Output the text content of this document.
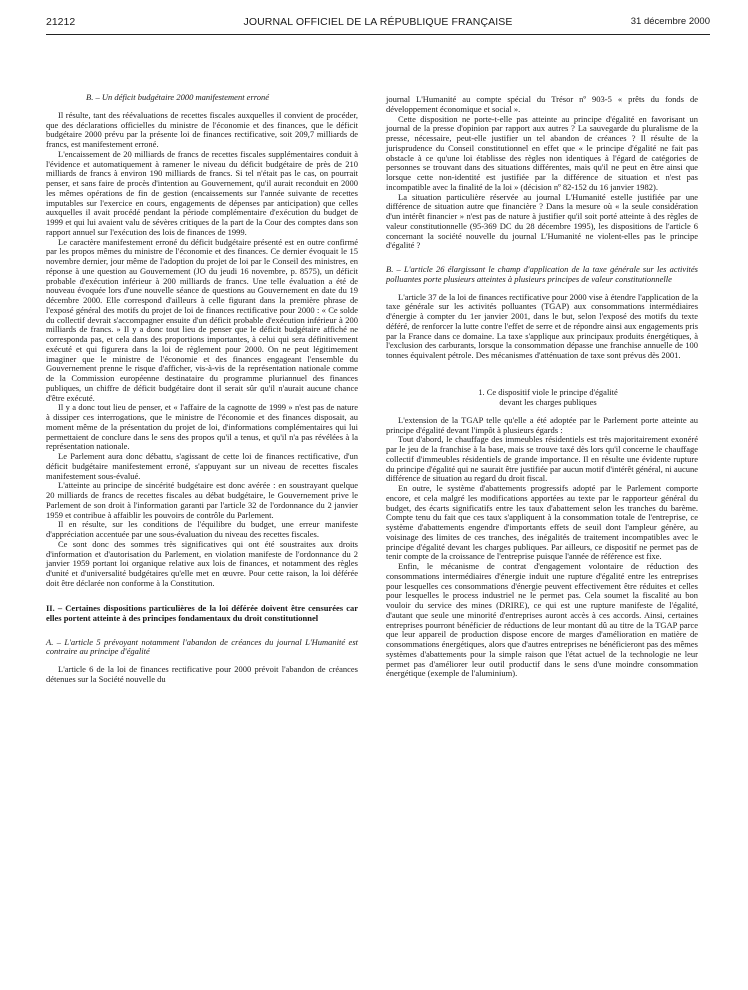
21212	JOURNAL OFFICIEL DE LA RÉPUBLIQUE FRANÇAISE	31 décembre 2000

B. – Un déficit budgétaire 2000 manifestement erroné

Il résulte, tant des réévaluations de recettes fiscales auxquelles il convient de procéder, que des déclarations officielles du ministre de l'économie et des finances, que le déficit budgétaire 2000 prévu par la présente loi de finances rectificative, soit 209,7 milliards de francs, est manifestement erroné.

L'encaissement de 20 milliards de francs de recettes fiscales supplémentaires conduit à l'évidence et automatiquement à ramener le niveau du déficit budgétaire de près de 210 milliards de francs à environ 190 milliards de francs. Si tel n'était pas le cas, on pourrait penser, et sans faire de procès d'intention au Gouvernement, qu'il aurait reconduit en 2000 les mêmes opérations de fin de gestion (encaissements sur l'année suivante de recettes imputables sur l'exercice en cours, engagements de dépenses par anticipation) que celles auxquelles il avait procédé pendant la période complémentaire d'exécution du budget de 1999 et qui lui avaient valu de sévères critiques de la part de la Cour des comptes dans son rapport annuel sur l'exécution des lois de finances de 1999.

Le caractère manifestement erroné du déficit budgétaire présenté est en outre confirmé par les propos mêmes du ministre de l'économie et des finances. Ce dernier évoquait le 15 novembre dernier, jour même de l'adoption du projet de loi par le Conseil des ministres, en réponse à une question au Gouvernement (JO du jeudi 16 novembre, p. 8575), un déficit probable d'exécution inférieur à 200 milliards de francs. Une telle évaluation a été de nouveau évoquée lors d'une nouvelle séance de questions au Gouvernement en date du 19 décembre 2000. Elle correspond d'ailleurs à celle figurant dans la première phrase de l'exposé général des motifs du projet de loi de finances rectificative pour 2000 : « Ce solde du collectif devrait s'accompagner ensuite d'un déficit probable d'exécution inférieur à 200 milliards de francs. » Il y a donc tout lieu de penser que le déficit budgétaire affiché ne corresponda pas, et cela dans des proportions importantes, à celui qui sera définitivement exécuté et qui figurera dans la loi de règlement pour 2000. On ne peut légitimement imaginer que le ministre de l'économie et des finances engageant l'ensemble du Gouvernement prenne le risque d'afficher, vis-à-vis de la représentation nationale comme de la Commission européenne destinataire du programme pluriannuel des finances publiques, un chiffre de déficit budgétaire dont il serait sûr qu'il n'aurait aucune chance d'être exécuté.

Il y a donc tout lieu de penser, et « l'affaire de la cagnotte de 1999 » n'est pas de nature à dissiper ces interrogations, que le ministre de l'économie et des finances disposait, au moment même de la présentation du projet de loi, d'informations complémentaires qui lui permettaient de conclure dans le sens des propos qu'il a tenus, et qu'il n'a pas révélées à la représentation nationale.

Le Parlement aura donc débattu, s'agissant de cette loi de finances rectificative, d'un déficit budgétaire manifestement erroné, s'appuyant sur un niveau de recettes fiscales manifestement sous-évalué.

L'atteinte au principe de sincérité budgétaire est donc avérée : en soustrayant quelque 20 milliards de francs de recettes fiscales au débat budgétaire, le Gouvernement prive le Parlement de son droit à l'information garanti par l'article 32 de l'ordonnance du 2 janvier 1959 et contribue à affaiblir les pouvoirs de contrôle du Parlement.

Il en résulte, sur les conditions de l'équilibre du budget, une erreur manifeste d'appréciation accentuée par une sous-évaluation du niveau des recettes fiscales.

Ce sont donc des sommes très significatives qui ont été soustraites aux droits d'information et d'autorisation du Parlement, en violation manifeste de l'ordonnance du 2 janvier 1959 portant loi organique relative aux lois de finances, et notamment des règles d'unité et d'universalité budgétaires qu'elle met en œuvre. Pour cette raison, la loi déférée doit être déclarée non conforme à la Constitution.

II. – Certaines dispositions particulières de la loi déférée doivent être censurées car elles portent atteinte à des principes fondamentaux du droit constitutionnel

A. – L'article 5 prévoyant notamment l'abandon de créances du journal L'Humanité est contraire au principe d'égalité

L'article 6 de la loi de finances rectificative pour 2000 prévoit l'abandon de créances détenues sur la Société nouvelle du

journal L'Humanité au compte spécial du Trésor nº 903-5 « prêts du fonds de développement économique et social ».

Cette disposition ne porte-t-elle pas atteinte au principe d'égalité en favorisant un journal de la presse d'opinion par rapport aux autres ? La sauvegarde du pluralisme de la presse, nécessaire, peut-elle justifier un tel abandon de créances ? Il résulte de la jurisprudence du Conseil constitutionnel en effet que « le principe d'égalité ne fait pas obstacle à ce qu'une loi établisse des règles non identiques à l'égard de catégories de personnes se trouvant dans des situations différentes, mais qu'il ne peut en être ainsi que lorsque cette non-identité est justifiée par la différence de situation et n'est pas incompatible avec la finalité de la loi » (décision nº 82-152 du 16 janvier 1982).

La situation particulière réservée au journal L'Humanité estelle justifiée par une différence de situation autre que financière ? Dans la mesure où « la seule considération d'un intérêt financier » n'est pas de nature à justifier qu'il soit porté atteinte à des règles de valeur constitutionnelle (95-369 DC du 28 décembre 1995), les dispositions de l'article 6 concernant la société nouvelle du journal L'Humanité ne violent-elles pas le principe d'égalité ?

B. – L'article 26 élargissant le champ d'application de la taxe générale sur les activités polluantes porte plusieurs atteintes à plusieurs principes de valeur constitutionnelle

L'article 37 de la loi de finances rectificative pour 2000 vise à étendre l'application de la taxe générale sur les activités polluantes (TGAP) aux consommations intermédiaires d'énergie à compter du 1er janvier 2001, dans le but, selon l'exposé des motifs du texte déféré, de renforcer la lutte contre l'effet de serre et de répondre ainsi aux engagements pris par la France dans ce domaine. La taxe s'applique aux principaux produits énergétiques, à l'exclusion des carburants, lorsque la consommation dépasse une franchise annuelle de 100 tonnes équivalent pétrole. Des mécanismes d'atténuation de taxe sont prévus dès 2001.

1. Ce dispositif viole le principe d'égalité

devant les charges publiques

L'extension de la TGAP telle qu'elle a été adoptée par le Parlement porte atteinte au principe d'égalité devant l'impôt à plusieurs égards :

Tout d'abord, le chauffage des immeubles résidentiels est très majoritairement exonéré par le jeu de la franchise à la base, mais se trouve taxé dès lors qu'il concerne le chauffage collectif d'immeubles résidentiels de grande importance. Il en résulte une évidente rupture du principe d'égalité qui ne saurait être justifiée par aucun motif d'intérêt général, ni aucune différence de situation au regard du droit fiscal.

En outre, le système d'abattements progressifs adopté par le Parlement comporte encore, et cela malgré les modifications apportées au texte par le rapporteur général du budget, des écarts significatifs entre les taux d'abattement selon les tranches du barème. Compte tenu du fait que ces taux s'appliquent à la consommation totale de l'entreprise, ce système d'abattements engendre d'importants effets de seuil dont l'ampleur génère, au voisinage des limites de ces tranches, des inégalités de traitement incompatibles avec le principe d'égalité devant les charges publiques. Par ailleurs, ce dispositif ne permet pas de tenir compte de la croissance de l'entreprise puisque l'année de référence est fixe.

Enfin, le mécanisme de contrat d'engagement volontaire de réduction des consommations intermédiaires d'énergie induit une rupture d'égalité entre les entreprises pour lesquelles ces consommations d'énergie peuvent effectivement être réduites et celles pour lesquelles le process industriel ne le permet pas. Cela soumet la fiscalité au bon vouloir du service des mines (DRIRE), ce qui est une rupture manifeste de l'égalité, d'autant que seule une minorité d'entreprises auront accès à ces accords. Ainsi, certaines entreprises pourront bénéficier de réductions de leur montant dû au titre de la TGAP parce que leur appareil de production dispose encore de marges d'amélioration en matière de consommations énergétiques, alors que d'autres entreprises ne bénéficieront pas des mêmes systèmes d'abattements pour la simple raison que l'état actuel de la technologie ne leur permet pas d'améliorer leur outil productif dans le sens d'une moindre consommation énergétique (exemple de l'aluminium).
